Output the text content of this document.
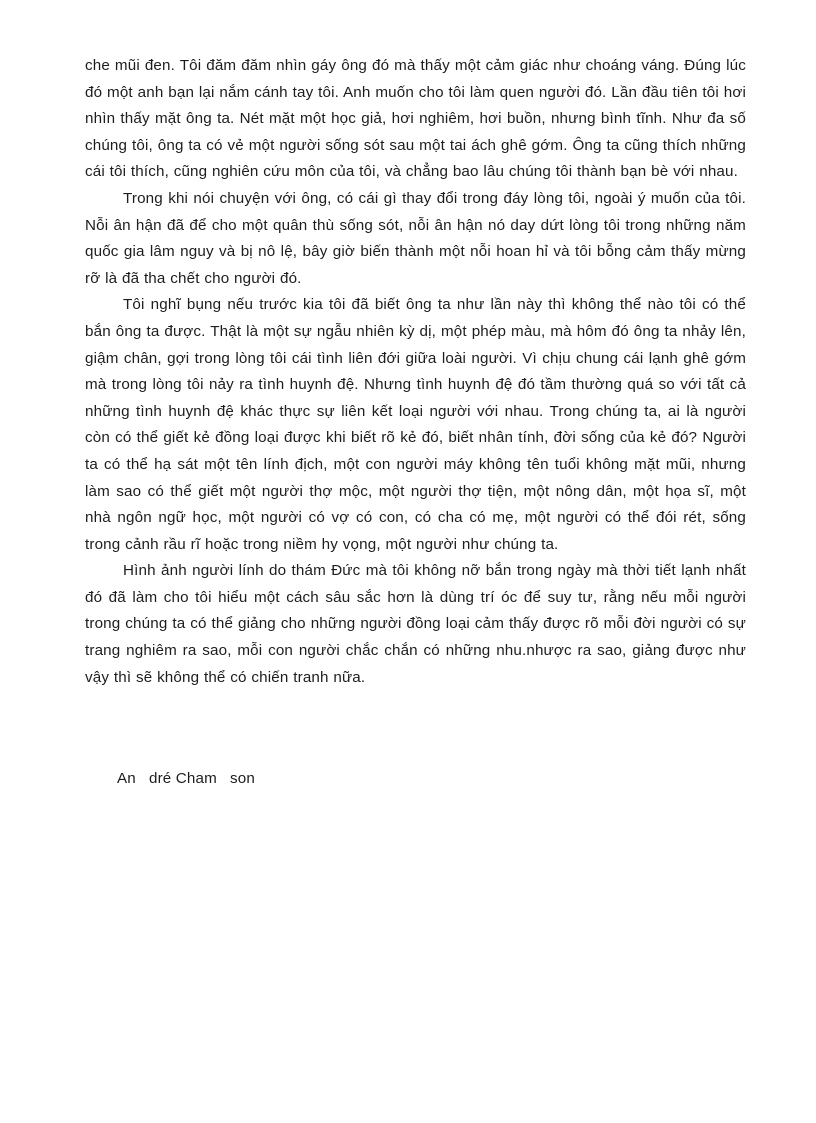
che mũi đen. Tôi đăm đăm nhìn gáy ông đó mà thấy một cảm giác như choáng váng. Đúng lúc đó một anh bạn lại nắm cánh tay tôi. Anh muốn cho tôi làm quen người đó. Lần đầu tiên tôi hơi nhìn thấy mặt ông ta. Nét mặt một học giả, hơi nghiêm, hơi buồn, nhưng bình tĩnh. Như đa số chúng tôi, ông ta có vẻ một người sống sót sau một tai ách ghê gớm. Ông ta cũng thích những cái tôi thích, cũng nghiên cứu môn của tôi, và chẳng bao lâu chúng tôi thành bạn bè với nhau.

Trong khi nói chuyện với ông, có cái gì thay đổi trong đáy lòng tôi, ngoài ý muốn của tôi. Nỗi ân hận đã để cho một quân thù sống sót, nỗi ân hận nó day dứt lòng tôi trong những năm quốc gia lâm nguy và bị nô lệ, bây giờ biến thành một nỗi hoan hỉ và tôi bỗng cảm thấy mừng rỡ là đã tha chết cho người đó.

Tôi nghĩ bụng nếu trước kia tôi đã biết ông ta như lần này thì không thể nào tôi có thể bắn ông ta được. Thật là một sự ngẫu nhiên kỳ dị, một phép màu, mà hôm đó ông ta nhảy lên, giậm chân, gợi trong lòng tôi cái tình liên đới giữa loài người. Vì chịu chung cái lạnh ghê gớm mà trong lòng tôi nảy ra tình huynh đệ. Nhưng tình huynh đệ đó tầm thường quá so với tất cả những tình huynh đệ khác thực sự liên kết loại người với nhau. Trong chúng ta, ai là người còn có thể giết kẻ đồng loại được khi biết rõ kẻ đó, biết nhân tính, đời sống của kẻ đó? Người ta có thể hạ sát một tên lính địch, một con người máy không tên tuổi không mặt mũi, nhưng làm sao có thể giết một người thợ mộc, một người thợ tiện, một nông dân, một họa sĩ, một nhà ngôn ngữ học, một người có vợ có con, có cha có mẹ, một người có thể đói rét, sống trong cảnh rầu rĩ hoặc trong niềm hy vọng, một người như chúng ta.

Hình ảnh người lính do thám Đức mà tôi không nỡ bắn trong ngày mà thời tiết lạnh nhất đó đã làm cho tôi hiểu một cách sâu sắc hơn là dùng trí óc để suy tư, rằng nếu mỗi người trong chúng ta có thể giảng cho những người đồng loại cảm thấy được rõ mỗi đời người có sự trang nghiêm ra sao, mỗi con người chắc chắn có những nhu.nhược ra sao, giảng được như vậy thì sẽ không thể có chiến tranh nữa.

An   dré Cham   son
